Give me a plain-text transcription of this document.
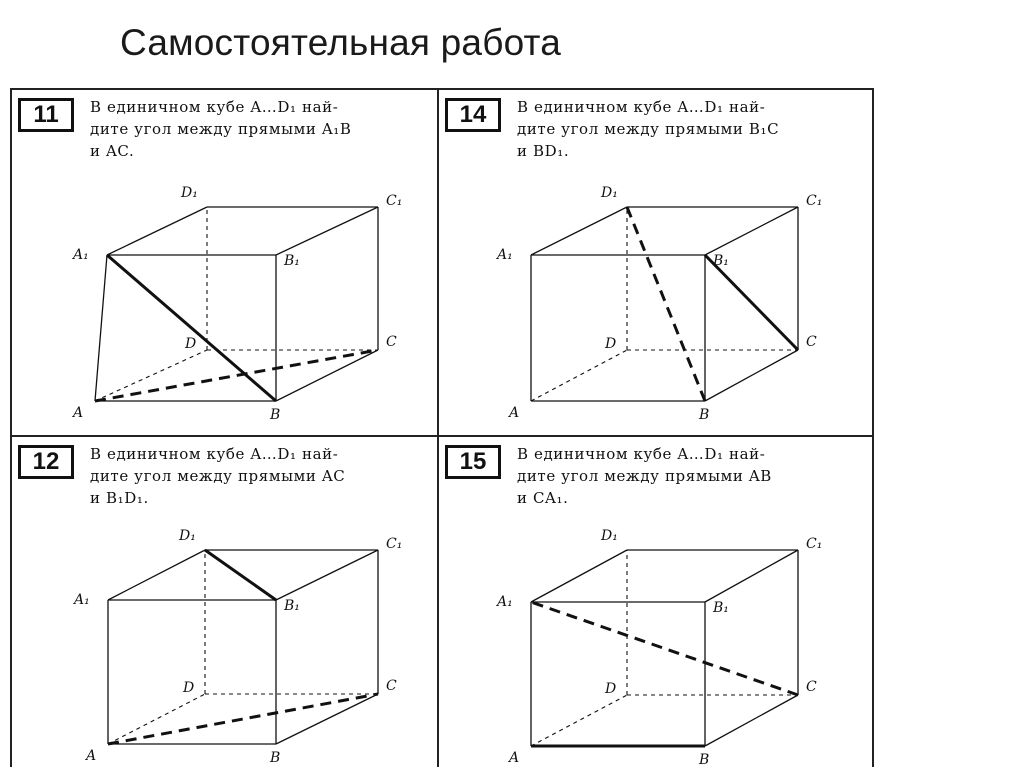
Самостоятельная работа
11	В единичном кубе A…D₁ най-
дите угол между прямыми A₁B
и AC.

A	B
C
D
A₁	B₁
C₁
D₁
14	В единичном кубе A…D₁ най-
дите угол между прямыми B₁C
и BD₁.

A	B
C
D
A₁	B₁
C₁
D₁
12	В единичном кубе A…D₁ най-
дите угол между прямыми AC
и B₁D₁.

A	B
C
D
A₁	B₁
C₁
D₁
15	В единичном кубе A…D₁ най-
дите угол между прямыми AB
и CA₁.

A	B
C
D
A₁	B₁
C₁
D₁
